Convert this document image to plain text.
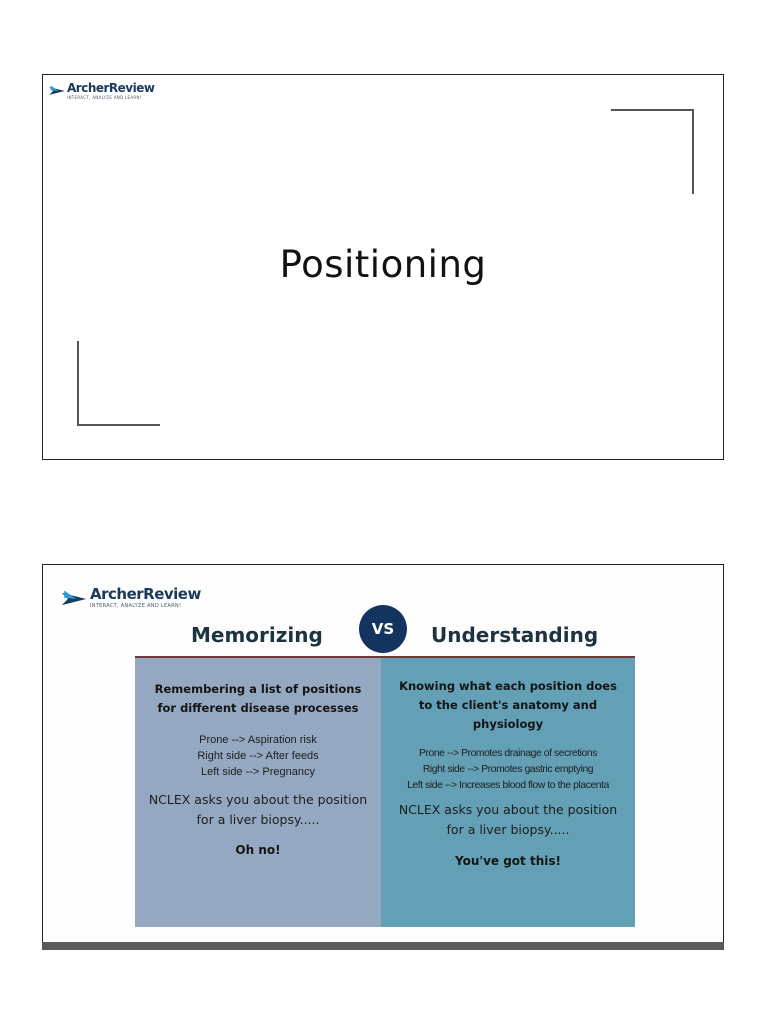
ArcherReview
INTERACT, ANALYZE AND LEARN!
Positioning
ArcherReview
INTERACT, ANALYZE AND LEARN!
Memorizing	VS	Understanding
Remembering a list of positions for different disease processes
Prone --> Aspiration risk
Right side --> After feeds
Left side --> Pregnancy
NCLEX asks you about the position for a liver biopsy.....
Oh no!
Knowing what each position does to the client's anatomy and physiology
Prone --> Promotes drainage of secretions
Right side --> Promotes gastric emptying
Left side --> Increases blood flow to the placenta
NCLEX asks you about the position for a liver biopsy.....
You've got this!
